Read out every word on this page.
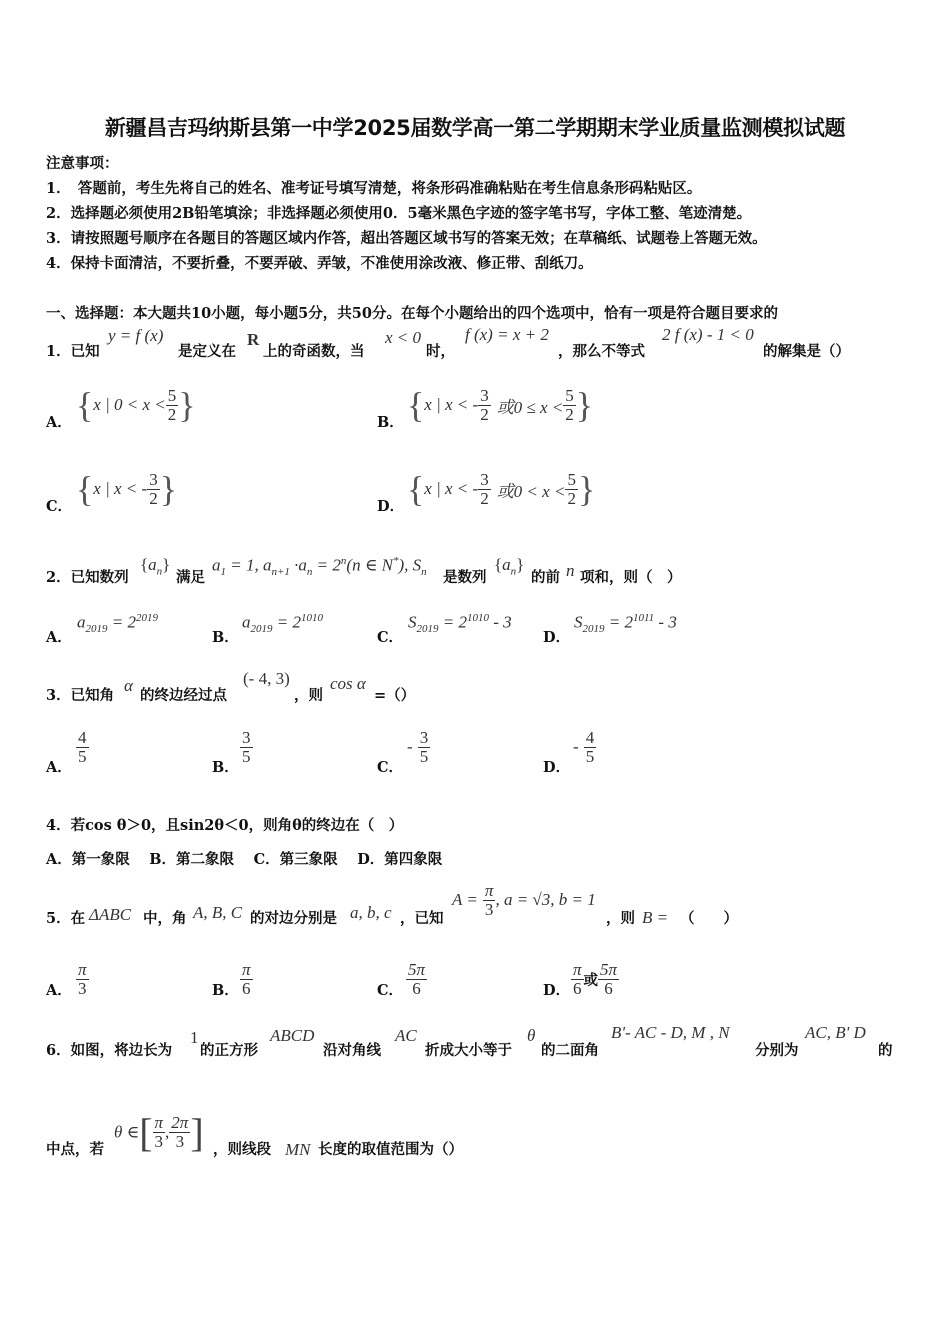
新疆昌吉玛纳斯县第一中学2025届数学高一第二学期期末学业质量监测模拟试题
注意事项：
1．　答题前，考生先将自己的姓名、准考证号填写清楚，将条形码准确粘贴在考生信息条形码粘贴区。
2．选择题必须使用2B铅笔填涂；非选择题必须使用0．5毫米黑色字迹的签字笔书写，字体工整、笔迹清楚。
3．请按照题号顺序在各题目的答题区域内作答，超出答题区域书写的答案无效；在草稿纸、试题卷上答题无效。
4．保持卡面清洁，不要折叠，不要弄破、弄皱，不准使用涂改液、修正带、刮纸刀。
一、选择题：本大题共10小题，每小题5分，共50分。在每个小题给出的四个选项中，恰有一项是符合题目要求的
1．已知
y = f (x)
是定义在
R
上的奇函数，当
x < 0
时，
f (x) = x + 2
，那么不等式
2 f (x) - 1 < 0
的解集是（）
A． { x | $0 < x < \frac{5}{2}$ }	B． { x | x < - $\frac{3}{2}$ 或$0 \le x < \frac{5}{2}$ }
C． { x | x < - $\frac{3}{2}$ }	D． { x | x < - $\frac{3}{2}$ 或$0 < x < \frac{5}{2}$ }
2．已知数列
$\{a_n\}$
满足
$a_1 = 1$, $a_{n+1} \cdot a_n = 2^n(n$ ∈ N*), $S_n$ 是数列
$\{a_n\}$
的前 n 项和，则（　）
A．
$a_{2019} = 2^{2019}$
B．
$a_{2019} = 2^{1010}$
C．
$S_{2019} = 2^{1010} - 3$
D．
$S_{2019} = 2^{1011} - 3$
3．已知角
α
的终边经过点
(- 4, 3)
，则
cos α
=（）
A．
$\frac{4}{5}$
B．
$\frac{3}{5}$
C．
- $\frac{3}{5}$
D．
- $\frac{4}{5}$
4．若cos θ＞0，且sin2θ＜0，则角θ的终边在（　）
A．第一象限　 B．第二象限　 C．第三象限　 D．第四象限
5．在 ΔABC 中，角 A, B, C 的对边分别是 a, b, c ，已知
$A = \frac{\pi}{3}$ , a = √3, b = 1
，则 B = （　　）
A． $\frac{\pi}{3}$	B． $\frac{\pi}{6}$	C． $\frac{5\pi}{6}$	D． $\frac{\pi}{6}$ 或 $\frac{5\pi}{6}$
6．如图，将边长为
1
的正方形
ABCD
沿对角线
AC
折成大小等于
θ
的二面角
B'- AC - D, M , N
分别为
AC, B' D
的
中点，若
θ ∈[ $\frac{\pi}{3}$ , $\frac{2\pi}{3}$ ] ，则线段 MN 长度的取值范围为（）
